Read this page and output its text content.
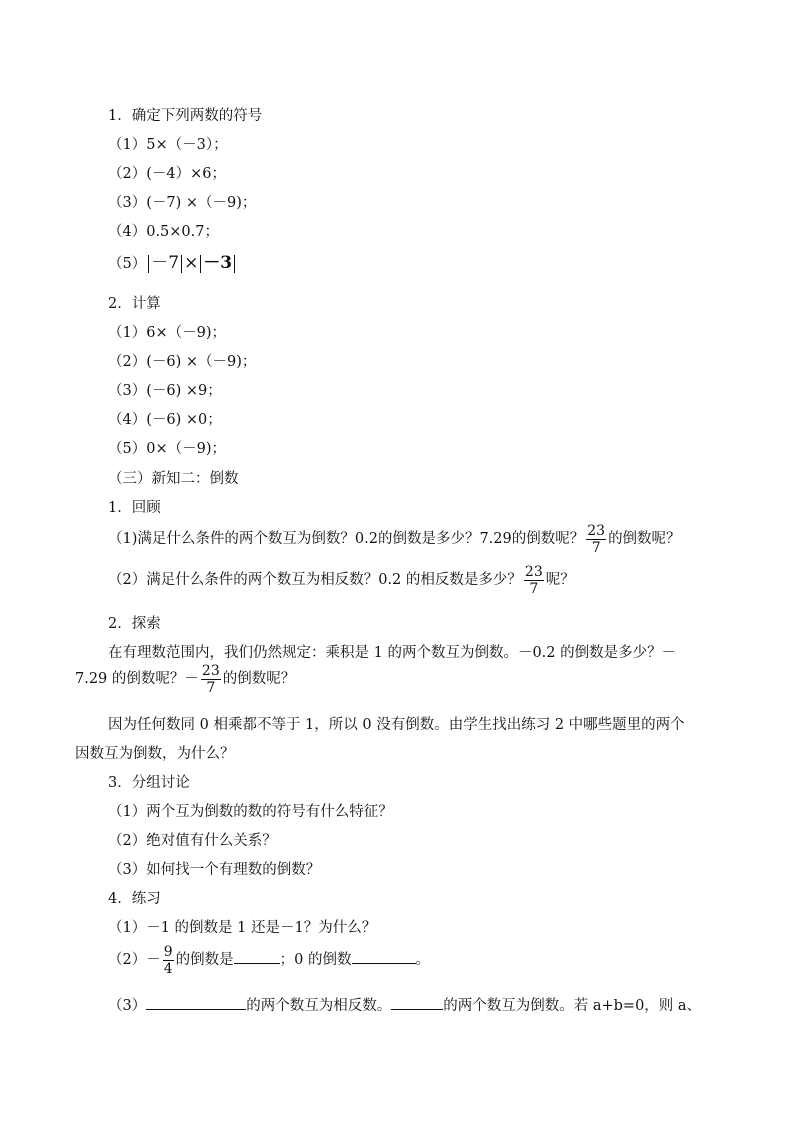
1．确定下列两数的符号
（1）5×（－3）；
（2）(－4）×6；
（3）(－7) ×（－9)；
（4）0.5×0.7；
（5） －7 × －3
2．计算
（1）6×（－9)；
（2）(－6) ×（－9)；
（3）(－6) ×9；
（4）(－6) ×0；
（5）0×（－9)；
（三）新知二：倒数
1．回顾
（1)满足什么条件的两个数互为倒数？0.2的倒数是多少？7.29的倒数呢？ $\frac{23}{7}$ 的倒数呢？
（2）满足什么条件的两个数互为相反数？0.2 的相反数是多少？ $\frac{23}{7}$ 呢？
2．探索
在有理数范围内，我们仍然规定：乘积是 1 的两个数互为倒数。－0.2 的倒数是多少？－
7.29 的倒数呢？－ $\frac{23}{7}$ 的倒数呢？
因为任何数同 0 相乘都不等于 1，所以 0 没有倒数。由学生找出练习 2 中哪些题里的两个
因数互为倒数，为什么？
3．分组讨论
（1）两个互为倒数的数的符号有什么特征？
（2）绝对值有什么关系？
（3）如何找一个有理数的倒数？
4．练习
（1）－1 的倒数是 1 还是－1？为什么？
$(2)- \frac{9}{4}$ 的倒数是	；0 的倒数	。
（3）	的两个数互为相反数。	的两个数互为倒数。若 a+b=0，则 a、
